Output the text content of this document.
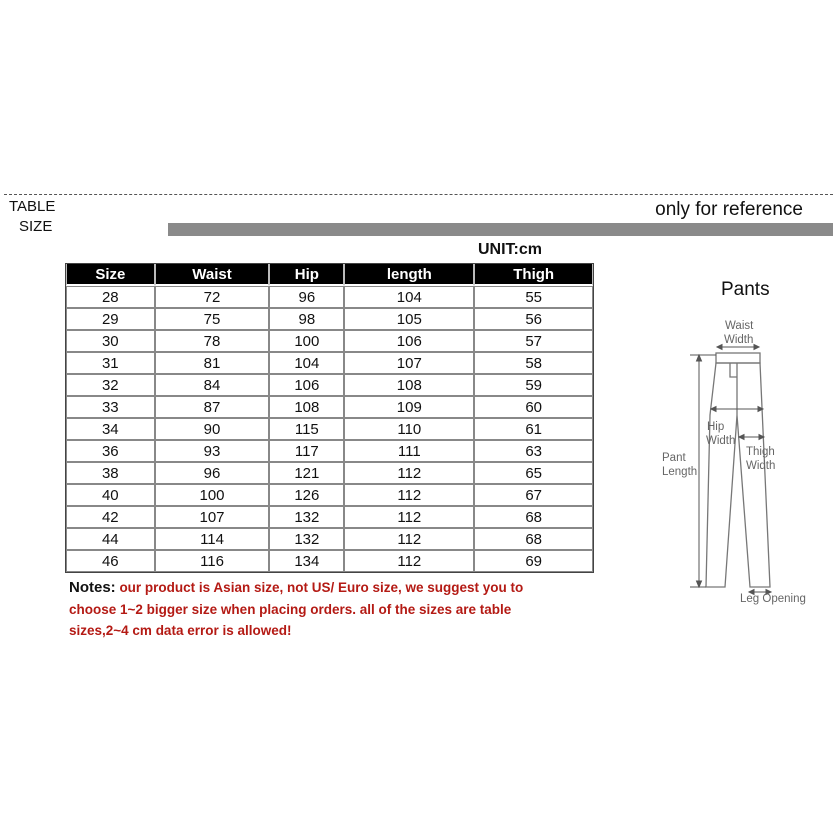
TABLE
SIZE
only for reference
UNIT:cm
Size	Waist	Hip	length	Thigh
28	72	96	104	55
29	75	98	105	56
30	78	100	106	57
31	81	104	107	58
32	84	106	108	59
33	87	108	109	60
34	90	115	110	61
36	93	117	111	63
38	96	121	112	65
40	100	126	112	67
42	107	132	112	68
44	114	132	112	68
46	116	134	112	69
Notes: our product is Asian size, not US/ Euro size, we suggest you to choose 1~2 bigger size when placing orders. all of the sizes are table sizes,2~4 cm data error is allowed!
Pants
Waist
Width
Hip
Width
Thigh
Width
Pant
Length
Leg Opening
